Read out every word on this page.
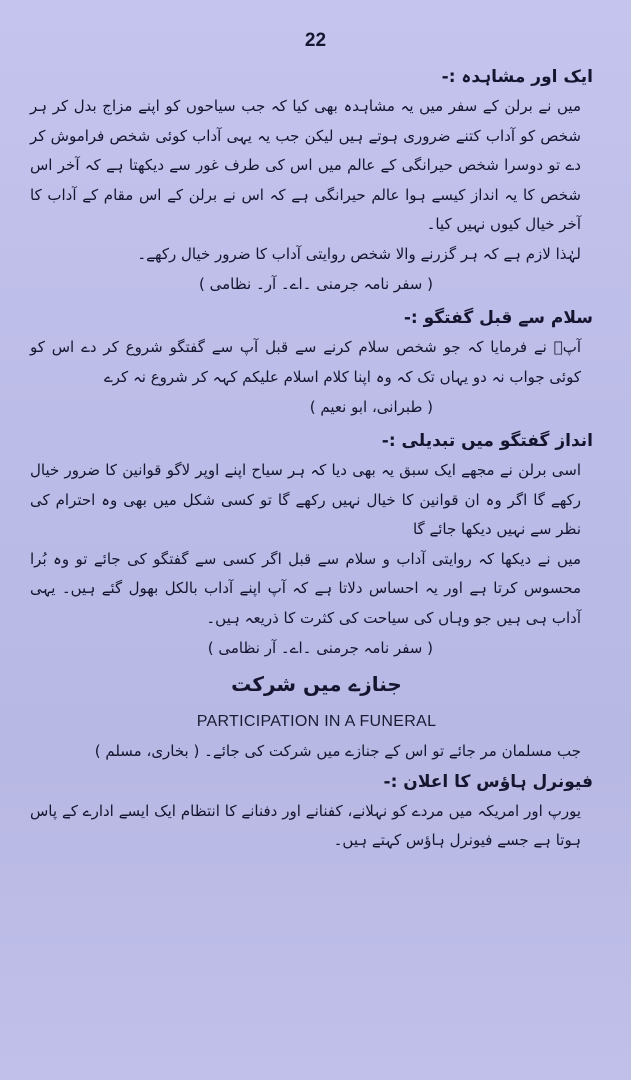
22

ایک اور مشاہدہ :-

میں نے برلن کے سفر میں یہ مشاہدہ بھی کیا کہ جب سیاحوں کو اپنے مزاج بدل کر ہر شخص کو آداب کتنے ضروری ہوتے ہیں لیکن جب یہ یہی آداب کوئی شخص فراموش کر دے تو دوسرا شخص حیرانگی کے عالم میں اس کی طرف غور سے دیکھتا ہے کہ آخر اس شخص کا یہ انداز کیسے ہوا عالم حیرانگی ہے کہ اس نے برلن کے اس مقام کے آداب کا آخر خیال کیوں نہیں کیا۔

لہٰذا لازم ہے کہ ہر گزرنے والا شخص روایتی آداب کا ضرور خیال رکھے۔

( سفر نامہ جرمنی ۔اے۔ آر۔ نظامی )

سلام سے قبل گفتگو :-

آپؐ نے فرمایا کہ جو شخص سلام کرنے سے قبل آپ سے گفتگو شروع کر دے اس کو کوئی جواب نہ دو یہاں تک کہ وہ اپنا کلام اسلام علیکم کہہ کر شروع نہ کرے

( طبرانی، ابو نعیم )

انداز گفتگو میں تبدیلی :-

اسی برلن نے مجھے ایک سبق یہ بھی دیا کہ ہر سیاح اپنے اوپر لاگو قوانین کا ضرور خیال رکھے گا اگر وہ ان قوانین کا خیال نہیں رکھے گا تو کسی شکل میں بھی وہ احترام کی نظر سے نہیں دیکھا جائے گا

میں نے دیکھا کہ روایتی آداب و سلام سے قبل اگر کسی سے گفتگو کی جائے تو وہ بُرا محسوس کرتا ہے اور یہ احساس دلاتا ہے کہ آپ اپنے آداب بالکل بھول گئے ہیں۔ یہی آداب ہی ہیں جو وہاں کی سیاحت کی کثرت کا ذریعہ ہیں۔

( سفر نامہ جرمنی ۔اے۔ آر نظامی )

جنازے میں شرکت

PARTICIPATION IN A FUNERAL

جب مسلمان مر جائے تو اس کے جنازے میں شرکت کی جائے۔ ( بخاری، مسلم )

فیونرل ہاؤس کا اعلان :-

یورپ اور امریکہ میں مردے کو نہلانے، کفنانے اور دفنانے کا انتظام ایک ایسے ادارے کے پاس ہوتا ہے جسے فیونرل ہاؤس کہتے ہیں۔
